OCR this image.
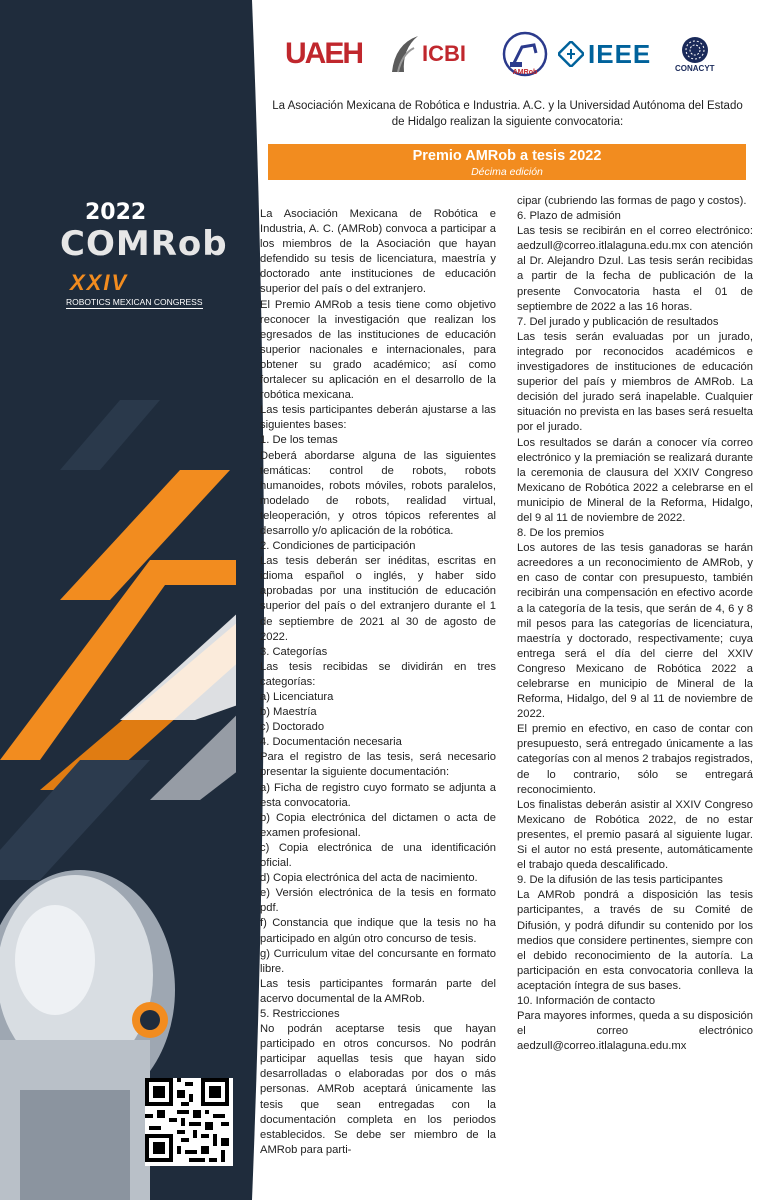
2022
COMRob
XXIV
ROBOTICS MEXICAN CONGRESS
UAEH	ICBI
AMRob
IEEE	CONACYT
La Asociación Mexicana de Robótica e Industria. A.C. y la Universidad Autónoma del Estado de Hidalgo realizan la siguiente convocatoria:
Premio AMRob a tesis 2022
Décima edición

La Asociación Mexicana de Robótica e Industria, A. C. (AMRob) convoca a participar a los miembros de la Asociación que hayan defendido su tesis de licenciatura, maestría y doctorado ante instituciones de educación superior del país o del extranjero.

El Premio AMRob a tesis tiene como objetivo reconocer la investigación que realizan los egresados de las instituciones de educación superior nacionales e internacionales, para obtener su grado académico; así como fortalecer su aplicación en el desarrollo de la robótica mexicana.

Las tesis participantes deberán ajustarse a las siguientes bases:

1. De los temas

Deberá abordarse alguna de las siguientes temáticas: control de robots, robots humanoides, robots móviles, robots paralelos, modelado de robots, realidad virtual, teleoperación, y otros tópicos referentes al desarrollo y/o aplicación de la robótica.

2. Condiciones de participación

Las tesis deberán ser inéditas, escritas en idioma español o inglés, y haber sido aprobadas por una institución de educación superior del país o del extranjero durante el 1 de septiembre de 2021 al 30 de agosto de 2022.

3. Categorías

Las tesis recibidas se dividirán en tres categorías:

a) Licenciatura

b) Maestría

c) Doctorado

4. Documentación necesaria

Para el registro de las tesis, será necesario presentar la siguiente documentación:

a) Ficha de registro cuyo formato se adjunta a esta convocatoria.

b) Copia electrónica del dictamen o acta de examen profesional.

c) Copia electrónica de una identificación oficial.

d) Copia electrónica del acta de nacimiento.

e) Versión electrónica de la tesis en formato pdf.

f) Constancia que indique que la tesis no ha participado en algún otro concurso de tesis.

g) Curriculum vitae del concursante en formato libre.

Las tesis participantes formarán parte del acervo documental de la AMRob.

5. Restricciones

No podrán aceptarse tesis que hayan participado en otros concursos. No podrán participar aquellas tesis que hayan sido desarrolladas o elaboradas por dos o más personas. AMRob aceptará únicamente las tesis que sean entregadas con la documentación completa en los periodos establecidos. Se debe ser miembro de la AMRob para parti-

cipar (cubriendo las formas de pago y costos).

6. Plazo de admisión

Las tesis se recibirán en el correo electrónico: aedzull@correo.itlalaguna.edu.mx con atención al Dr. Alejandro Dzul. Las tesis serán recibidas a partir de la fecha de publicación de la presente Convocatoria hasta el 01 de septiembre de 2022 a las 16 horas.

7. Del jurado y publicación de resultados

Las tesis serán evaluadas por un jurado, integrado por reconocidos académicos e investigadores de instituciones de educación superior del país y miembros de AMRob. La decisión del jurado será inapelable. Cualquier situación no prevista en las bases será resuelta por el jurado.

Los resultados se darán a conocer vía correo electrónico y la premiación se realizará durante la ceremonia de clausura del XXIV Congreso Mexicano de Robótica 2022 a celebrarse en el municipio de Mineral de la Reforma, Hidalgo, del 9 al 11 de noviembre de 2022.

8. De los premios

Los autores de las tesis ganadoras se harán acreedores a un reconocimiento de AMRob, y en caso de contar con presupuesto, también recibirán una compensación en efectivo acorde a la categoría de la tesis, que serán de 4, 6 y 8 mil pesos para las categorías de licenciatura, maestría y doctorado, respectivamente; cuya entrega será el día del cierre del XXIV Congreso Mexicano de Robótica 2022 a celebrarse en municipio de Mineral de la Reforma, Hidalgo, del 9 al 11 de noviembre de 2022.

El premio en efectivo, en caso de contar con presupuesto, será entregado únicamente a las categorías con al menos 2 trabajos registrados, de lo contrario, sólo se entregará reconocimiento.

Los finalistas deberán asistir al XXIV Congreso Mexicano de Robótica 2022, de no estar presentes, el premio pasará al siguiente lugar. Si el autor no está presente, automáticamente el trabajo queda descalificado.

9. De la difusión de las tesis participantes

La AMRob pondrá a disposición las tesis participantes, a través de su Comité de Difusión, y podrá difundir su contenido por los medios que considere pertinentes, siempre con el debido reconocimiento de la autoría. La participación en esta convocatoria conlleva la aceptación íntegra de sus bases.

10. Información de contacto

Para mayores informes, queda a su disposición el correo electrónico aedzull@correo.itlalaguna.edu.mx
